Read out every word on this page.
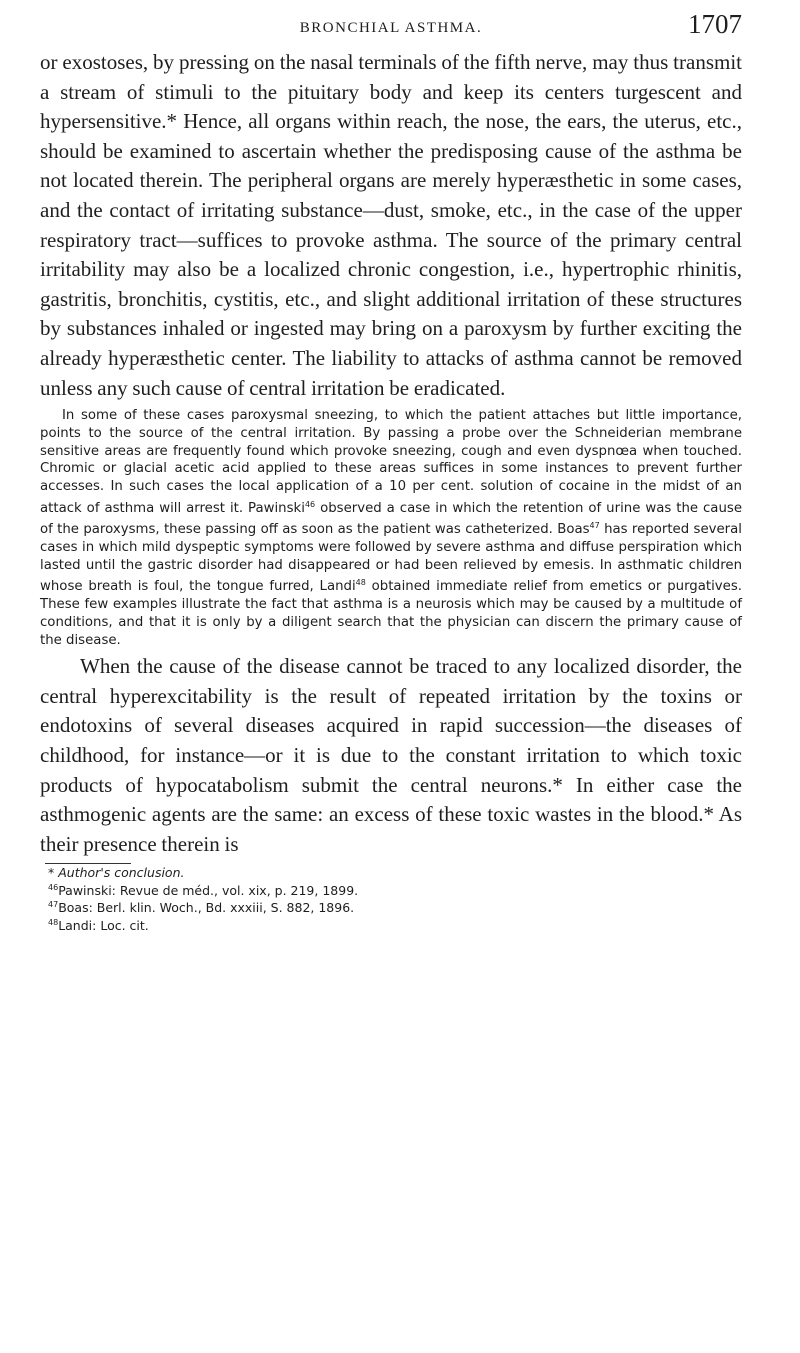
BRONCHIAL ASTHMA.	1707

or exostoses, by pressing on the nasal terminals of the fifth nerve, may thus transmit a stream of stimuli to the pituitary body and keep its centers turgescent and hypersensitive.* Hence, all organs within reach, the nose, the ears, the uterus, etc., should be examined to ascertain whether the predisposing cause of the asthma be not located therein. The peripheral organs are merely hyperæsthetic in some cases, and the contact of irritating substance—dust, smoke, etc., in the case of the upper respiratory tract—suffices to provoke asthma. The source of the primary central irritability may also be a localized chronic congestion, i.e., hypertrophic rhinitis, gastritis, bronchitis, cystitis, etc., and slight additional irritation of these structures by substances inhaled or ingested may bring on a paroxysm by further exciting the already hyperæsthetic center. The liability to attacks of asthma cannot be removed unless any such cause of central irritation be eradicated.

In some of these cases paroxysmal sneezing, to which the patient attaches but little importance, points to the source of the central irritation. By passing a probe over the Schneiderian membrane sensitive areas are frequently found which provoke sneezing, cough and even dyspnœa when touched. Chromic or glacial acetic acid applied to these areas suffices in some instances to prevent further accesses. In such cases the local application of a 10 per cent. solution of cocaine in the midst of an attack of asthma will arrest it. Pawinski$^{46}$ observed a case in which the retention of urine was the cause of the paroxysms, these passing off as soon as the patient was catheterized. Boas$^{47}$ has reported several cases in which mild dyspeptic symptoms were followed by severe asthma and diffuse perspiration which lasted until the gastric disorder had disappeared or had been relieved by emesis. In asthmatic children whose breath is foul, the tongue furred, Landi$^{48}$ obtained immediate relief from emetics or purgatives. These few examples illustrate the fact that asthma is a neurosis which may be caused by a multitude of conditions, and that it is only by a diligent search that the physician can discern the primary cause of the disease.

When the cause of the disease cannot be traced to any localized disorder, the central hyperexcitability is the result of repeated irritation by the toxins or endotoxins of several diseases acquired in rapid succession—the diseases of childhood, for instance—or it is due to the constant irritation to which toxic products of hypocatabolism submit the central neurons.* In either case the asthmogenic agents are the same: an excess of these toxic wastes in the blood.* As their presence therein is

* Author's conclusion.

$^{46}$Pawinski: Revue de méd., vol. xix, p. 219, 1899.

$^{47}$Boas: Berl. klin. Woch., Bd. xxxiii, S. 882, 1896.

$^{48}$Landi: Loc. cit.
